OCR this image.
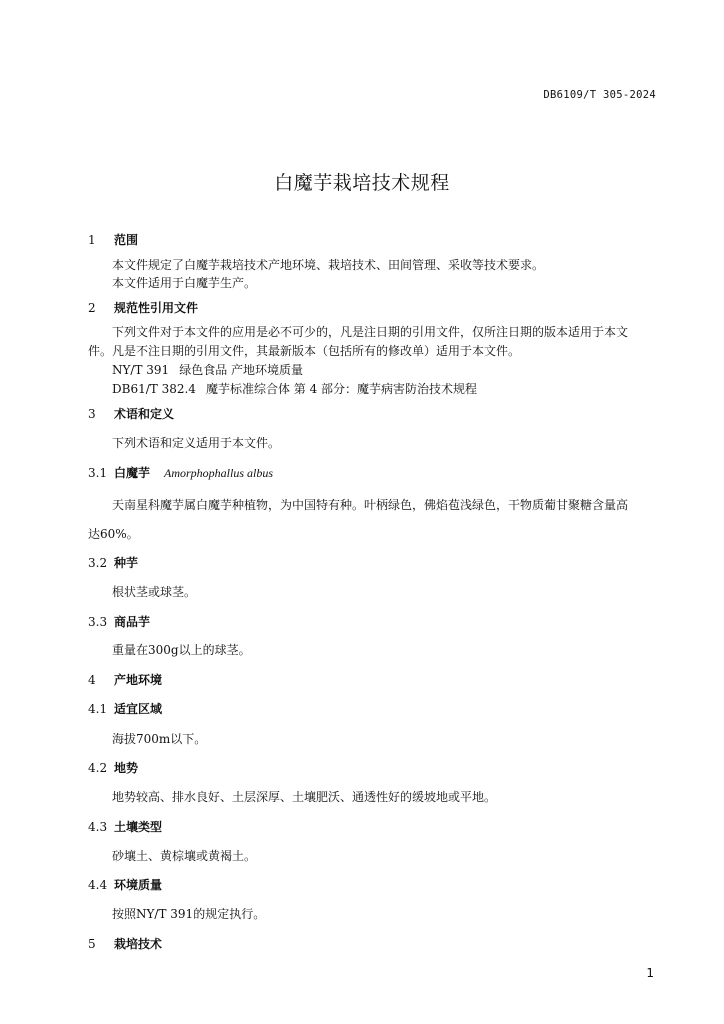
DB6109/T 305-2024
白魔芋栽培技术规程
1 范围
本文件规定了白魔芋栽培技术产地环境、栽培技术、田间管理、采收等技术要求。
本文件适用于白魔芋生产。
2 规范性引用文件
下列文件对于本文件的应用是必不可少的，凡是注日期的引用文件，仅所注日期的版本适用于本文
件。凡是不注日期的引用文件，其最新版本（包括所有的修改单）适用于本文件。
NY/T 391 绿色食品 产地环境质量
DB61/T 382.4 魔芋标准综合体 第 4 部分：魔芋病害防治技术规程
3 术语和定义
下列术语和定义适用于本文件。
3.1 白魔芋 Amorphophallus albus
天南星科魔芋属白魔芋种植物，为中国特有种。叶柄绿色，佛焰苞浅绿色，干物质葡甘聚糖含量高
达60%。
3.2 种芋
根状茎或球茎。
3.3 商品芋
重量在300g以上的球茎。
4 产地环境
4.1 适宜区域
海拔700m以下。
4.2 地势
地势较高、排水良好、土层深厚、土壤肥沃、通透性好的缓坡地或平地。
4.3 土壤类型
砂壤土、黄棕壤或黄褐土。
4.4 环境质量
按照NY/T 391的规定执行。
5 栽培技术
1
